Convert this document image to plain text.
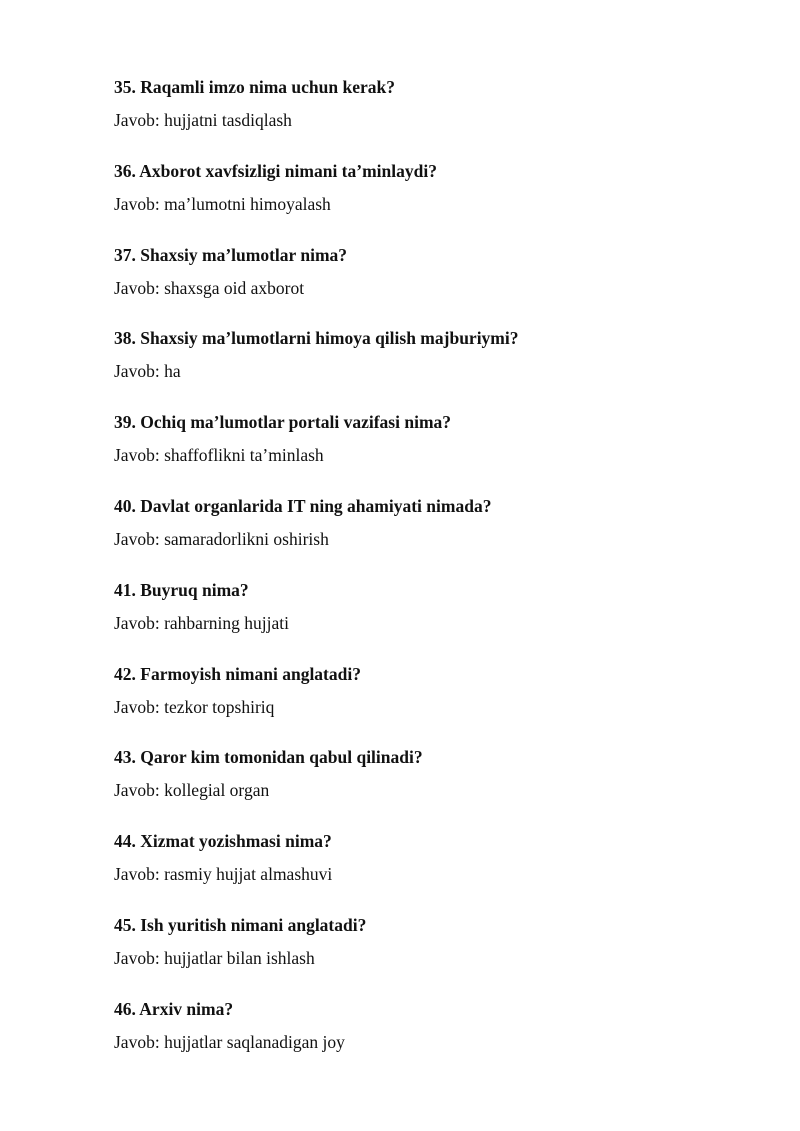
35. Raqamli imzo nima uchun kerak?
Javob: hujjatni tasdiqlash
36. Axborot xavfsizligi nimani ta’minlaydi?
Javob: ma’lumotni himoyalash
37. Shaxsiy ma’lumotlar nima?
Javob: shaxsga oid axborot
38. Shaxsiy ma’lumotlarni himoya qilish majburiymi?
Javob: ha
39. Ochiq ma’lumotlar portali vazifasi nima?
Javob: shaffoflikni ta’minlash
40. Davlat organlarida IT ning ahamiyati nimada?
Javob: samaradorlikni oshirish
41. Buyruq nima?
Javob: rahbarning hujjati
42. Farmoyish nimani anglatadi?
Javob: tezkor topshiriq
43. Qaror kim tomonidan qabul qilinadi?
Javob: kollegial organ
44. Xizmat yozishmasi nima?
Javob: rasmiy hujjat almashuvi
45. Ish yuritish nimani anglatadi?
Javob: hujjatlar bilan ishlash
46. Arxiv nima?
Javob: hujjatlar saqlanadigan joy
